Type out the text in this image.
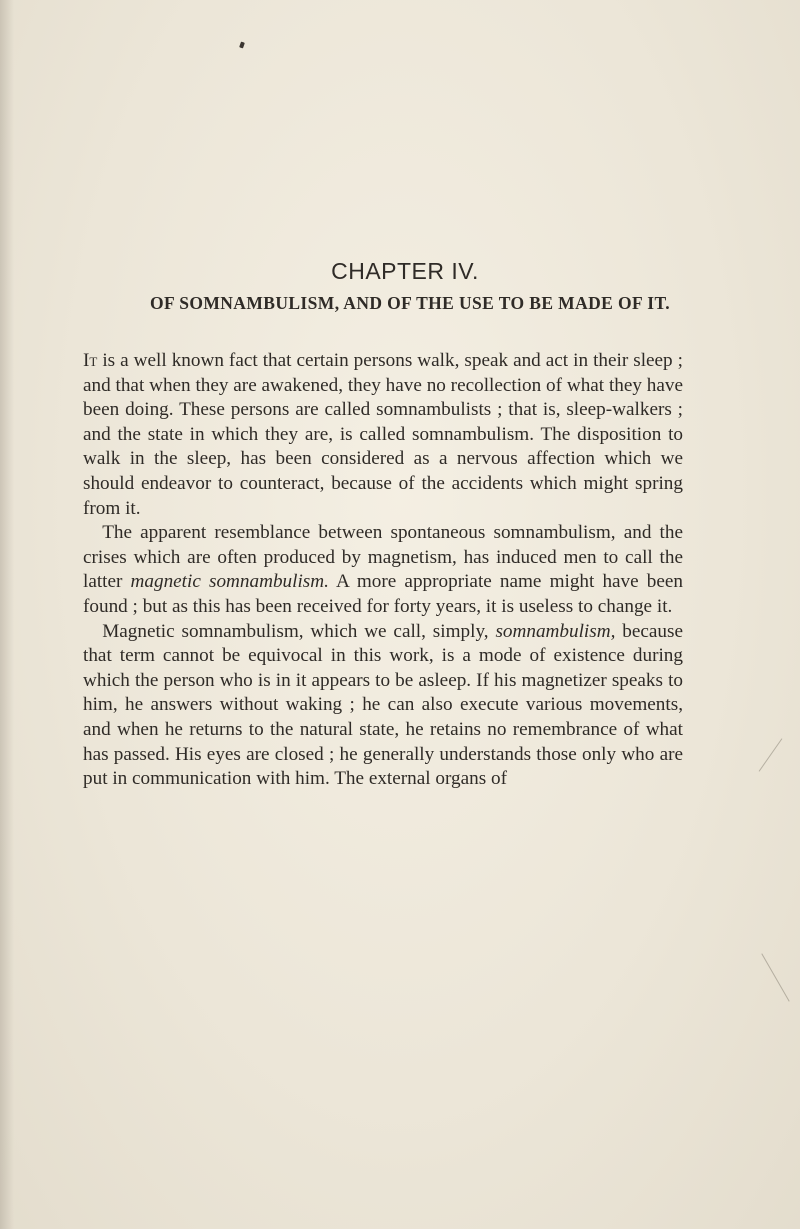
CHAPTER IV.
OF SOMNAMBULISM, AND OF THE USE TO BE MADE OF IT.

It is a well known fact that certain persons walk, speak and act in their sleep ; and that when they are awakened, they have no recollection of what they have been doing. These persons are called somnambulists ; that is, sleep-walkers ; and the state in which they are, is called somnambulism. The disposition to walk in the sleep, has been considered as a nervous affection which we should endeavor to counteract, because of the accidents which might spring from it.

 The apparent resemblance between spontaneous somnambulism, and the crises which are often produced by magnetism, has induced men to call the latter magnetic somnambulism. A more appropriate name might have been found ; but as this has been received for forty years, it is useless to change it.

 Magnetic somnambulism, which we call, simply, somnambulism, because that term cannot be equivocal in this work, is a mode of existence during which the person who is in it appears to be asleep. If his magnetizer speaks to him, he answers without waking ; he can also execute various movements, and when he returns to the natural state, he retains no remembrance of what has passed. His eyes are closed ; he generally understands those only who are put in communication with him. The external organs of
